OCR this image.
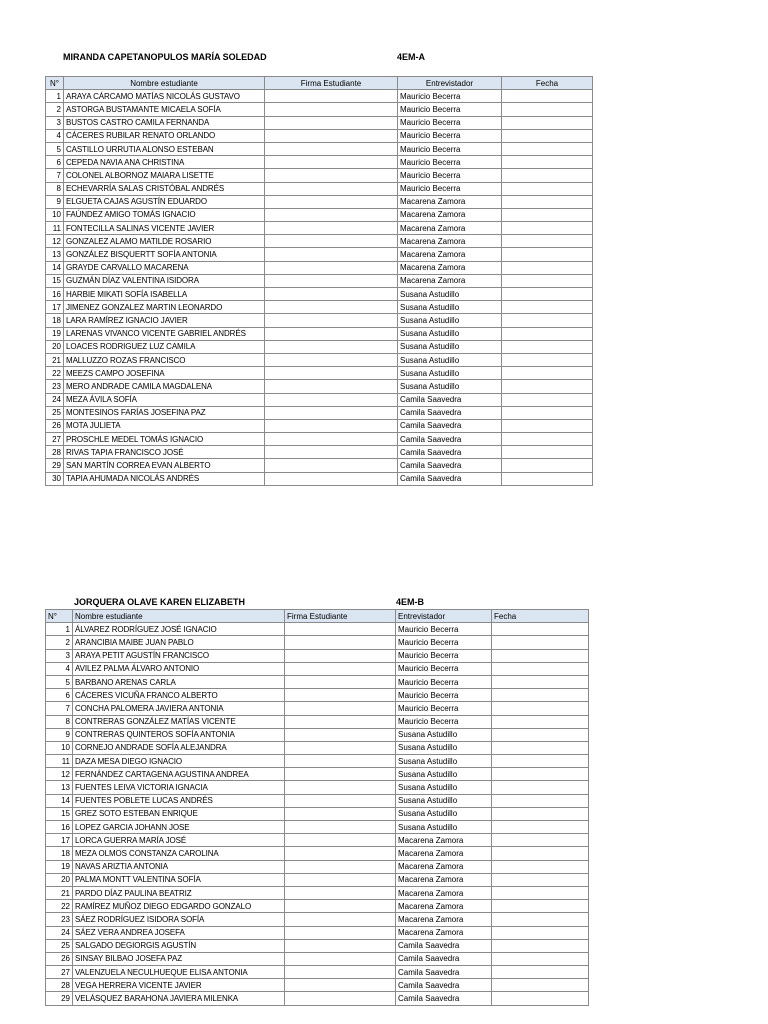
MIRANDA CAPETANOPULOS MARÍA SOLEDAD	4EM-A
N°	Nombre estudiante	Firma Estudiante	Entrevistador	Fecha
1	ARAYA CÁRCAMO MATÍAS NICOLÁS GUSTAVO		Mauricio Becerra	
2	ASTORGA BUSTAMANTE MICAELA SOFÍA		Mauricio Becerra	
3	BUSTOS CASTRO CAMILA FERNANDA		Mauricio Becerra	
4	CÁCERES RUBILAR RENATO ORLANDO		Mauricio Becerra	
5	CASTILLO URRUTIA ALONSO ESTEBAN		Mauricio Becerra	
6	CEPEDA NAVIA ANA CHRISTINA		Mauricio Becerra	
7	COLONEL ALBORNOZ MAIARA LISETTE		Mauricio Becerra	
8	ECHEVARRÍA SALAS CRISTÓBAL ANDRÉS		Mauricio Becerra	
9	ELGUETA CAJAS AGUSTÍN EDUARDO		Macarena Zamora	
10	FAÚNDEZ AMIGO TOMÁS IGNACIO		Macarena Zamora	
11	FONTECILLA SALINAS VICENTE JAVIER		Macarena Zamora	
12	GONZALEZ ALAMO MATILDE ROSARIO		Macarena Zamora	
13	GONZÁLEZ BISQUERTT SOFÍA ANTONIA		Macarena Zamora	
14	GRAYDE CARVALLO MACARENA		Macarena Zamora	
15	GUZMÁN DÍAZ VALENTINA ISIDORA		Macarena Zamora	
16	HARBIE MIKATI SOFÍA ISABELLA		Susana Astudillo	
17	JIMENEZ GONZALEZ MARTIN LEONARDO		Susana Astudillo	
18	LARA RAMÍREZ IGNACIO JAVIER		Susana Astudillo	
19	LARENAS VIVANCO VICENTE GABRIEL ANDRÉS		Susana Astudillo	
20	LOACES RODRIGUEZ LUZ CAMILA		Susana Astudillo	
21	MALLUZZO ROZAS FRANCISCO		Susana Astudillo	
22	MEEZS CAMPO JOSEFINA		Susana Astudillo	
23	MERO ANDRADE CAMILA MAGDALENA		Susana Astudillo	
24	MEZA ÁVILA SOFÍA		Camila Saavedra	
25	MONTESINOS FARÍAS JOSEFINA PAZ		Camila Saavedra	
26	MOTA JULIETA		Camila Saavedra	
27	PROSCHLE MEDEL TOMÁS IGNACIO		Camila Saavedra	
28	RIVAS TAPIA FRANCISCO JOSÉ		Camila Saavedra	
29	SAN MARTÍN CORREA EVAN ALBERTO		Camila Saavedra	
30	TAPIA AHUMADA NICOLÁS ANDRÉS		Camila Saavedra	
JORQUERA OLAVE KAREN ELIZABETH	4EM-B
N°	Nombre estudiante	Firma Estudiante	Entrevistador	Fecha
1	ÁLVAREZ RODRÍGUEZ JOSÉ IGNACIO		Mauricio Becerra	
2	ARANCIBIA MAIBE JUAN PABLO		Mauricio Becerra	
3	ARAYA PETIT AGUSTÍN FRANCISCO		Mauricio Becerra	
4	AVILEZ PALMA ÁLVARO ANTONIO		Mauricio Becerra	
5	BARBANO ARENAS CARLA		Mauricio Becerra	
6	CÁCERES VICUÑA FRANCO ALBERTO		Mauricio Becerra	
7	CONCHA PALOMERA JAVIERA ANTONIA		Mauricio Becerra	
8	CONTRERAS GONZÁLEZ MATÍAS VICENTE		Mauricio Becerra	
9	CONTRERAS QUINTEROS SOFÍA ANTONIA		Susana Astudillo	
10	CORNEJO ANDRADE SOFÍA ALEJANDRA		Susana Astudillo	
11	DAZA MESA DIEGO IGNACIO		Susana Astudillo	
12	FERNÁNDEZ CARTAGENA AGUSTINA ANDREA		Susana Astudillo	
13	FUENTES LEIVA VICTORIA IGNACIA		Susana Astudillo	
14	FUENTES POBLETE LUCAS ANDRÉS		Susana Astudillo	
15	GREZ SOTO ESTEBAN ENRIQUE		Susana Astudillo	
16	LOPEZ GARCIA JOHANN JOSE		Susana Astudillo	
17	LORCA GUERRA MARÍA JOSÉ		Macarena Zamora	
18	MEZA OLMOS CONSTANZA CAROLINA		Macarena Zamora	
19	NAVAS ARIZTIA ANTONIA		Macarena Zamora	
20	PALMA MONTT VALENTINA SOFÍA		Macarena Zamora	
21	PARDO DÍAZ PAULINA BEATRIZ		Macarena Zamora	
22	RAMÍREZ MUÑOZ DIEGO EDGARDO GONZALO		Macarena Zamora	
23	SÁEZ RODRÍGUEZ ISIDORA SOFÍA		Macarena Zamora	
24	SÁEZ VERA ANDREA JOSEFA		Macarena Zamora	
25	SALGADO DEGIORGIS AGUSTÍN		Camila Saavedra	
26	SINSAY BILBAO JOSEFA PAZ		Camila Saavedra	
27	VALENZUELA NECULHUEQUE ELISA ANTONIA		Camila Saavedra	
28	VEGA HERRERA VICENTE JAVIER		Camila Saavedra	
29	VELÁSQUEZ BARAHONA JAVIERA MILENKA		Camila Saavedra	
